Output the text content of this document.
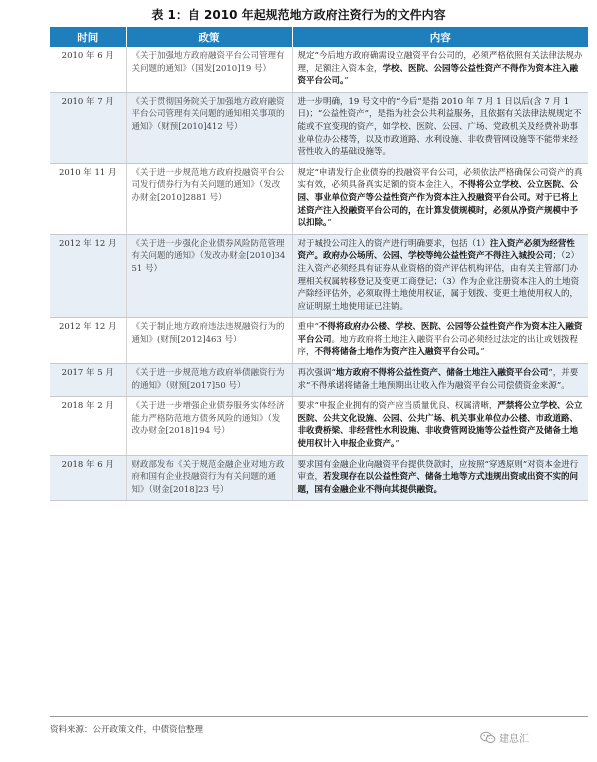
表 1：自 2010 年起规范地方政府注资行为的文件内容
时间	政策	内容
2010 年 6 月	《关于加强地方政府融资平台公司管理有关问题的通知》（国发[2010]19 号）	规定“今后地方政府确需设立融资平台公司的，必须严格依照有关法律法规办理，足额注入资本金，学校、医院、公园等公益性资产不得作为资本注入融资平台公司。”
2010 年 7 月	《关于贯彻国务院关于加强地方政府融资平台公司管理有关问题的通知相关事项的通知》（财预[2010]412 号）	进一步明确，19 号文中的“今后”是指 2010 年 7 月 1 日以后(含 7 月 1 日)；“公益性资产”，是指为社会公共利益服务，且依据有关法律法规规定不能或不宜变现的资产，如学校、医院、公园、广场、党政机关及经费补助事业单位办公楼等，以及市政道路、水利设施、非收费管网设施等不能带来经营性收入的基础设施等。
2010 年 11 月	《关于进一步规范地方政府投融资平台公司发行债券行为有关问题的通知》（发改办财金[2010]2881 号）	规定“申请发行企业债券的投融资平台公司，必须依法严格确保公司资产的真实有效，必须具备真实足额的资本金注入，不得将公立学校、公立医院、公园、事业单位资产等公益性资产作为资本注入投融资平台公司。对于已将上述资产注入投融资平台公司的，在计算发债规模时，必须从净资产规模中予以扣除。”
2012 年 12 月	《关于进一步强化企业债券风险防范管理有关问题的通知》（发改办财金[2010]3451 号）	对于城投公司注入的资产进行明确要求，包括（1）注入资产必须为经营性资产。政府办公场所、公园、学校等纯公益性资产不得注入城投公司；（2）注入资产必须经具有证券从业资格的资产评估机构评估，由有关主管部门办理相关权属转移登记及变更工商登记；（3）作为企业注册资本注入的土地资产除经评估外，必须取得土地使用权证，属于划拨、变更土地使用权人的，应证明原土地使用证已注销。
2012 年 12 月	《关于制止地方政府违法违规融资行为的通知》(财预[2012]463 号）	重申“不得将政府办公楼、学校、医院、公园等公益性资产作为资本注入融资平台公司。地方政府将土地注入融资平台公司必须经过法定的出让或划拨程序，不得将储备土地作为资产注入融资平台公司。”
2017 年 5 月	《关于进一步规范地方政府举债融资行为的通知》（财预[2017]50 号）	再次强调“地方政府不得将公益性资产、储备土地注入融资平台公司”，并要求“不得承诺将储备土地预期出让收入作为融资平台公司偿债资金来源”。
2018 年 2 月	《关于进一步增强企业债券服务实体经济能力严格防范地方债务风险的通知》（发改办财金[2018]194 号）	要求“申报企业拥有的资产应当质量优良、权属清晰，严禁将公立学校、公立医院、公共文化设施、公园、公共广场、机关事业单位办公楼、市政道路、非收费桥梁、非经营性水利设施、非收费管网设施等公益性资产及储备土地使用权计入申报企业资产。”
2018 年 6 月	财政部发布《关于规范金融企业对地方政府和国有企业投融资行为有关问题的通知》（财金[2018]23 号）	要求国有金融企业向融资平台提供贷款时，应按照“穿透原则”对资本金进行审查，若发现存在以公益性资产、储备土地等方式违规出资或出资不实的问题，国有金融企业不得向其提供融资。
资料来源：公开政策文件，中债资信整理
建息汇
